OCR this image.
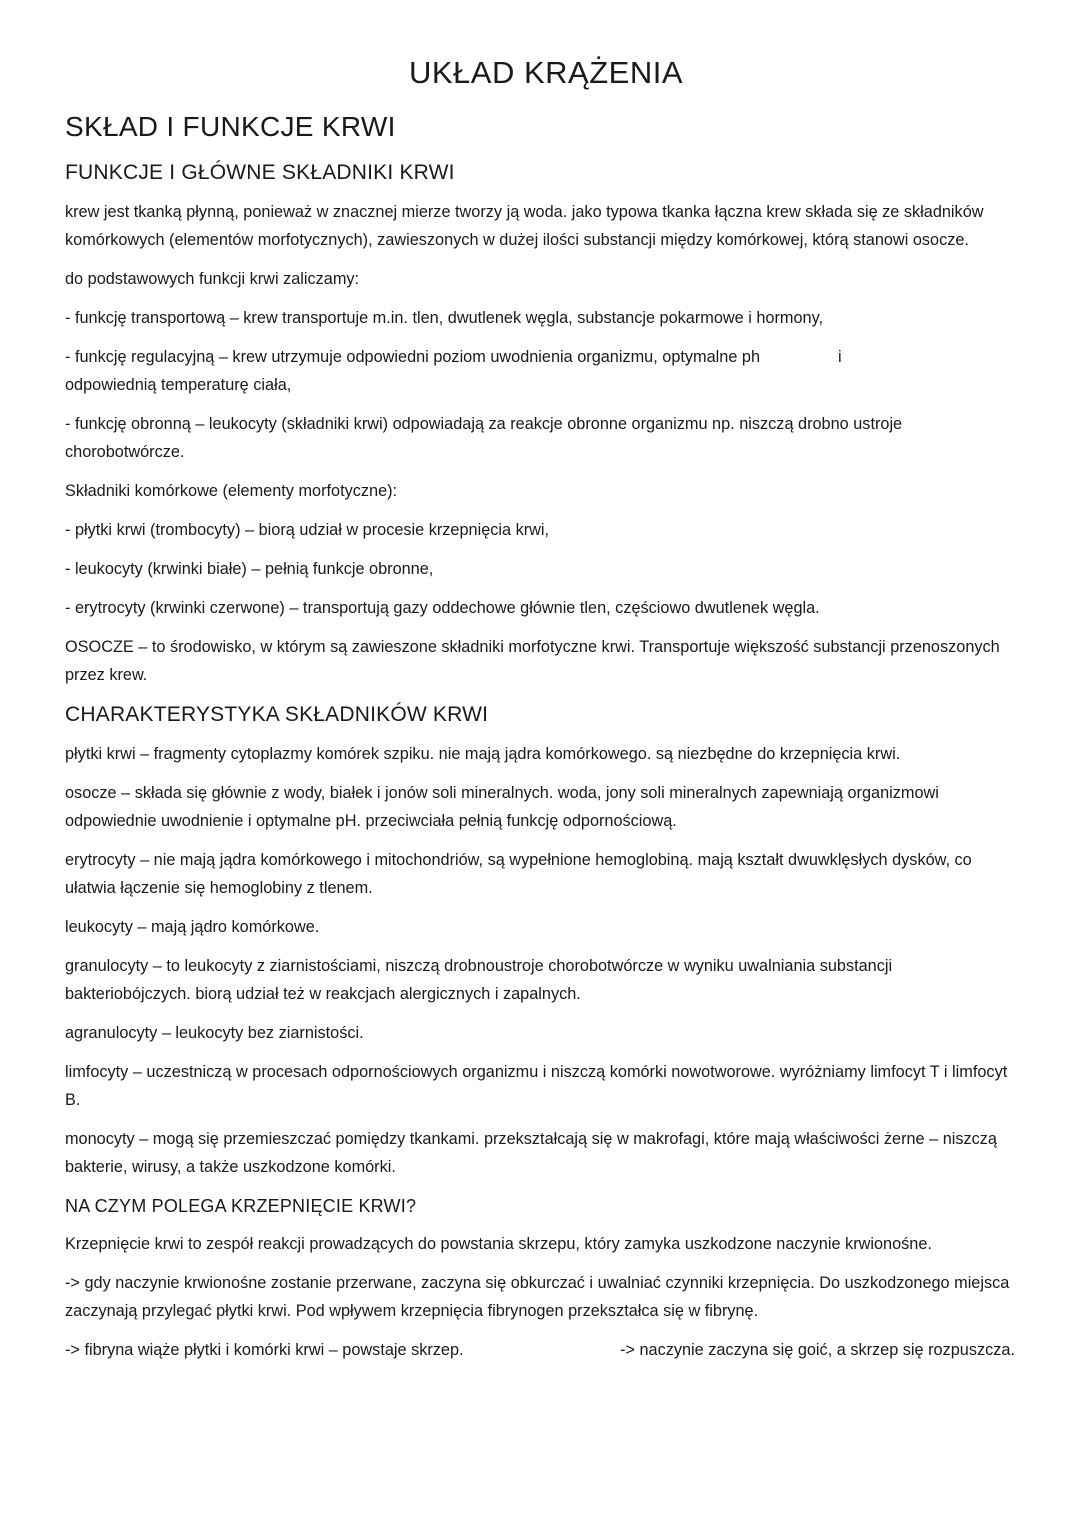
UKŁAD KRĄŻENIA
SKŁAD I FUNKCJE KRWI
FUNKCJE I GŁÓWNE SKŁADNIKI KRWI

krew jest tkanką płynną, ponieważ w znacznej mierze tworzy ją woda. jako typowa tkanka łączna krew składa się ze składników komórkowych (elementów morfotycznych), zawieszonych w dużej ilości substancji między komórkowej, którą stanowi osocze.

do podstawowych funkcji krwi zaliczamy:

- funkcję transportową – krew transportuje m.in. tlen, dwutlenek węgla, substancje pokarmowe i hormony,

- funkcję regulacyjną – krew utrzymuje odpowiedni poziom uwodnienia organizmu, optymalne ph	i
odpowiednią temperaturę ciała,

- funkcję obronną – leukocyty (składniki krwi) odpowiadają za reakcje obronne organizmu np. niszczą drobno ustroje chorobotwórcze.

Składniki komórkowe (elementy morfotyczne):

- płytki krwi (trombocyty) – biorą udział w procesie krzepnięcia krwi,

- leukocyty (krwinki białe) – pełnią funkcje obronne,

- erytrocyty (krwinki czerwone) – transportują gazy oddechowe głównie tlen, częściowo dwutlenek węgla.

OSOCZE – to środowisko, w którym są zawieszone składniki morfotyczne krwi. Transportuje większość substancji przenoszonych przez krew.

CHARAKTERYSTYKA SKŁADNIKÓW KRWI

płytki krwi – fragmenty cytoplazmy komórek szpiku. nie mają jądra komórkowego. są niezbędne do krzepnięcia krwi.

osocze – składa się głównie z wody, białek i jonów soli mineralnych. woda, jony soli mineralnych zapewniają organizmowi odpowiednie uwodnienie i optymalne pH. przeciwciała pełnią funkcję odpornościową.

erytrocyty – nie mają jądra komórkowego i mitochondriów, są wypełnione hemoglobiną. mają kształt dwuwklęsłych dysków, co ułatwia łączenie się hemoglobiny z tlenem.

leukocyty – mają jądro komórkowe.

granulocyty – to leukocyty z ziarnistościami, niszczą drobnoustroje chorobotwórcze w wyniku uwalniania substancji bakteriobójczych. biorą udział też w reakcjach alergicznych i zapalnych.

agranulocyty – leukocyty bez ziarnistości.

limfocyty – uczestniczą w procesach odpornościowych organizmu i niszczą komórki nowotworowe. wyróżniamy limfocyt T i limfocyt B.

monocyty – mogą się przemieszczać pomiędzy tkankami. przekształcają się w makrofagi, które mają właściwości żerne – niszczą bakterie, wirusy, a także uszkodzone komórki.

NA CZYM POLEGA KRZEPNIĘCIE KRWI?

Krzepnięcie krwi to zespół reakcji prowadzących do powstania skrzepu, który zamyka uszkodzone naczynie krwionośne.

-> gdy naczynie krwionośne zostanie przerwane, zaczyna się obkurczać i uwalniać czynniki krzepnięcia. Do uszkodzonego miejsca zaczynają przylegać płytki krwi. Pod wpływem krzepnięcia fibrynogen przekształca się w fibrynę.

-> fibryna wiąże płytki i komórki krwi – powstaje skrzep.	-> naczynie zaczyna się goić, a skrzep się rozpuszcza.
